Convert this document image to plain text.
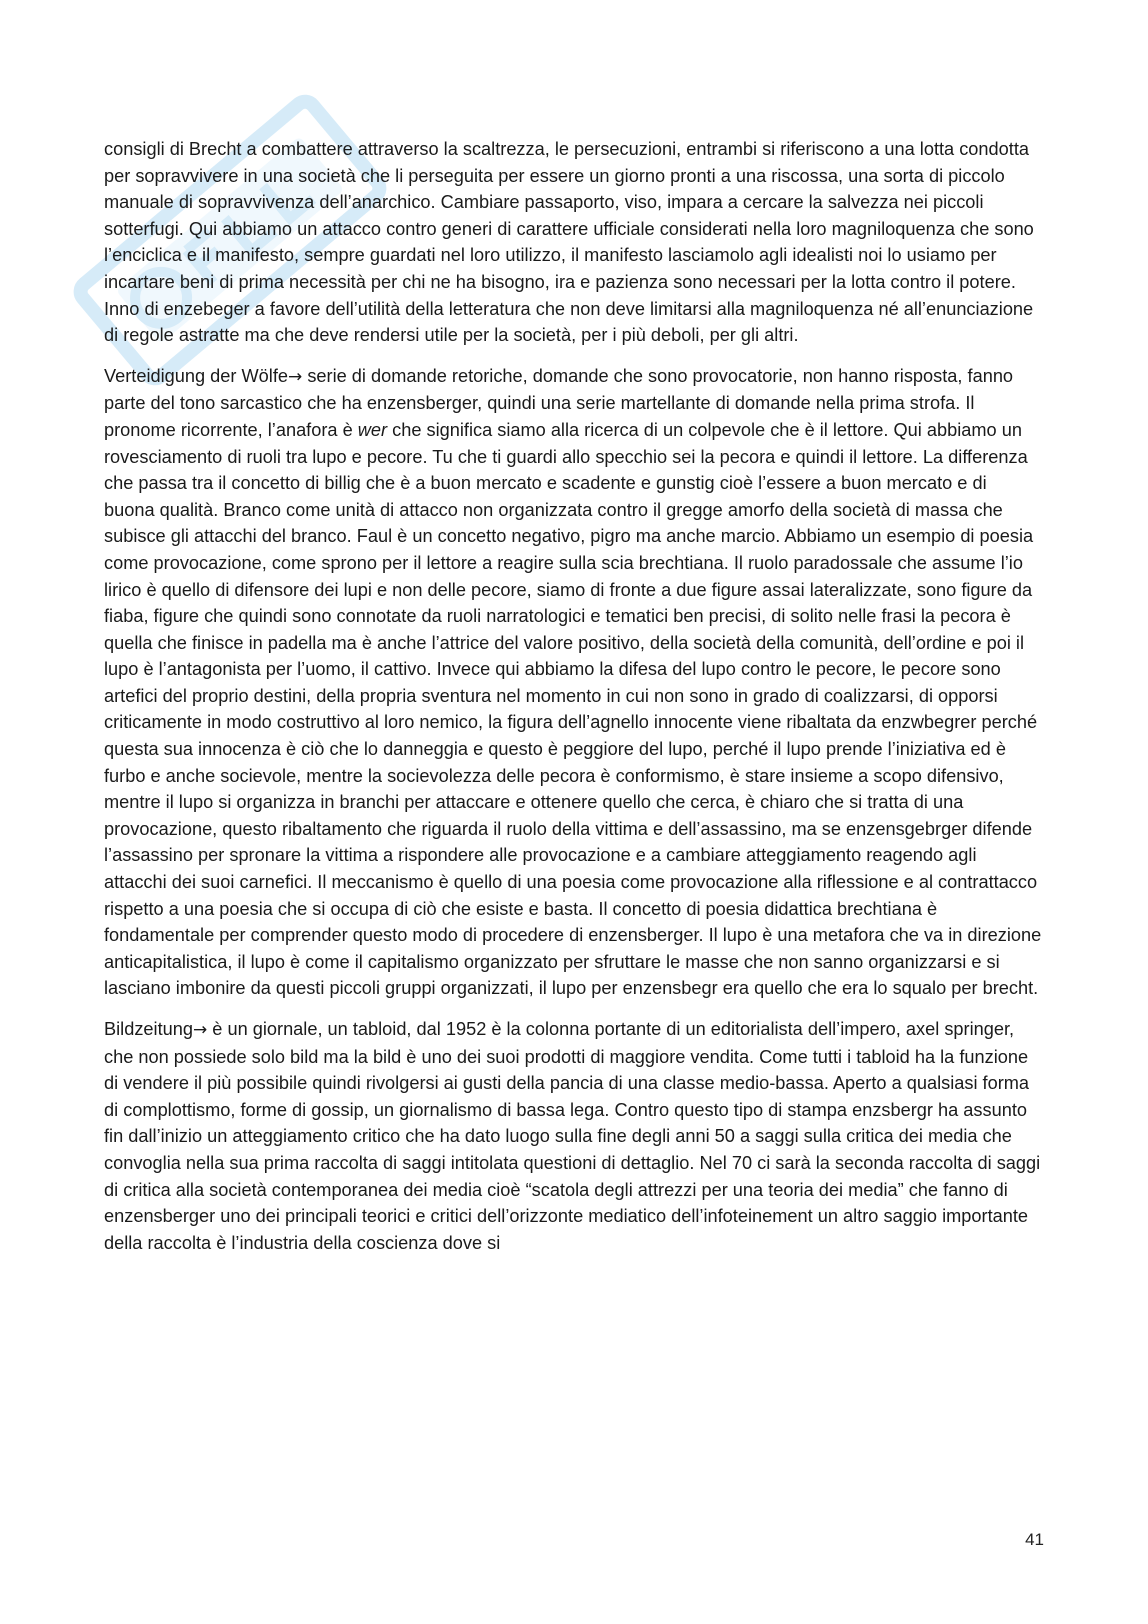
consigli di Brecht a combattere attraverso la scaltrezza, le persecuzioni, entrambi si riferiscono a una lotta condotta per sopravvivere in una società che li perseguita per essere un giorno pronti a una riscossa, una sorta di piccolo manuale di sopravvivenza dell’anarchico. Cambiare passaporto, viso, impara a cercare la salvezza nei piccoli sotterfugi. Qui abbiamo un attacco contro generi di carattere ufficiale considerati nella loro magniloquenza che sono l’enciclica e il manifesto, sempre guardati nel loro utilizzo, il manifesto lasciamolo agli idealisti noi lo usiamo per incartare beni di prima necessità per chi ne ha bisogno, ira e pazienza sono necessari per la lotta contro il potere. Inno di enzebeger a favore dell’utilità della letteratura che non deve limitarsi alla magniloquenza né all’enunciazione di regole astratte ma che deve rendersi utile per la società, per i più deboli, per gli altri.

Verteidigung der Wölfe→ serie di domande retoriche, domande che sono provocatorie, non hanno risposta, fanno parte del tono sarcastico che ha enzensberger, quindi una serie martellante di domande nella prima strofa. Il pronome ricorrente, l’anafora è wer che significa siamo alla ricerca di un colpevole che è il lettore. Qui abbiamo un rovesciamento di ruoli tra lupo e pecore. Tu che ti guardi allo specchio sei la pecora e quindi il lettore. La differenza che passa tra il concetto di billig che è a buon mercato e scadente e gunstig cioè l’essere a buon mercato e di buona qualità. Branco come unità di attacco non organizzata contro il gregge amorfo della società di massa che subisce gli attacchi del branco. Faul è un concetto negativo, pigro ma anche marcio. Abbiamo un esempio di poesia come provocazione, come sprono per il lettore a reagire sulla scia brechtiana. Il ruolo paradossale che assume l’io lirico è quello di difensore dei lupi e non delle pecore, siamo di fronte a due figure assai lateralizzate, sono figure da fiaba, figure che quindi sono connotate da ruoli narratologici e tematici ben precisi, di solito nelle frasi la pecora è quella che finisce in padella ma è anche l’attrice del valore positivo, della società della comunità, dell’ordine e poi il lupo è l’antagonista per l’uomo, il cattivo. Invece qui abbiamo la difesa del lupo contro le pecore, le pecore sono artefici del proprio destini, della propria sventura nel momento in cui non sono in grado di coalizzarsi, di opporsi criticamente in modo costruttivo al loro nemico, la figura dell’agnello innocente viene ribaltata da enzwbegrer perché questa sua innocenza è ciò che lo danneggia e questo è peggiore del lupo, perché il lupo prende l’iniziativa ed è furbo e anche socievole, mentre la socievolezza delle pecora è conformismo, è stare insieme a scopo difensivo, mentre il lupo si organizza in branchi per attaccare e ottenere quello che cerca, è chiaro che si tratta di una provocazione, questo ribaltamento che riguarda il ruolo della vittima e dell’assassino, ma se enzensgebrger difende l’assassino per spronare la vittima a rispondere alle provocazione e a cambiare atteggiamento reagendo agli attacchi dei suoi carnefici. Il meccanismo è quello di una poesia come provocazione alla riflessione e al contrattacco rispetto a una poesia che si occupa di ciò che esiste e basta. Il concetto di poesia didattica brechtiana è fondamentale per comprender questo modo di procedere di enzensberger. Il lupo è una metafora che va in direzione anticapitalistica, il lupo è come il capitalismo organizzato per sfruttare le masse che non sanno organizzarsi e si lasciano imbonire da questi piccoli gruppi organizzati, il lupo per enzensbegr era quello che era lo squalo per brecht.

Bildzeitung→ è un giornale, un tabloid, dal 1952 è la colonna portante di un editorialista dell’impero, axel springer, che non possiede solo bild ma la bild è uno dei suoi prodotti di maggiore vendita. Come tutti i tabloid ha la funzione di vendere il più possibile quindi rivolgersi ai gusti della pancia di una classe medio-bassa. Aperto a qualsiasi forma di complottismo, forme di gossip, un giornalismo di bassa lega. Contro questo tipo di stampa enzsbergr ha assunto fin dall’inizio un atteggiamento critico che ha dato luogo sulla fine degli anni 50 a saggi sulla critica dei media che convoglia nella sua prima raccolta di saggi intitolata questioni di dettaglio. Nel 70 ci sarà la seconda raccolta di saggi di critica alla società contemporanea dei media cioè “scatola degli attrezzi per una teoria dei media” che fanno di enzensberger uno dei principali teorici e critici dell’orizzonte mediatico dell’infoteinement un altro saggio importante della raccolta è l’industria della coscienza dove si

41
